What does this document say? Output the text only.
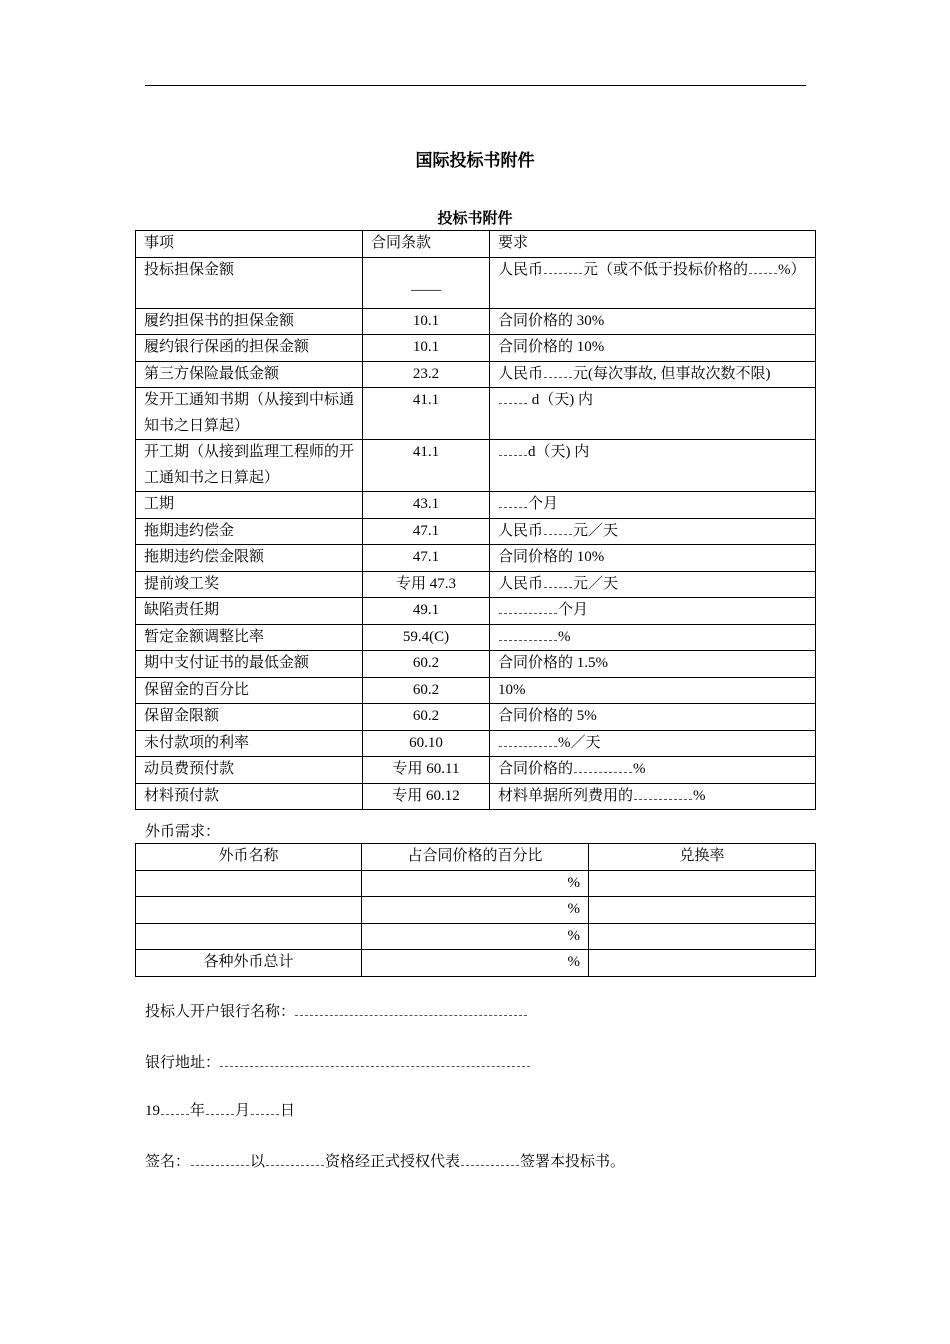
国际投标书附件
投标书附件
事项	合同条款	要求
投标担保金额	——	人民币 元（或不低于投标价格的 %）
履约担保书的担保金额	10.1	合同价格的 30%
履约银行保函的担保金额	10.1	合同价格的 10%
第三方保险最低金额	23.2	人民币 元(每次事故, 但事故次数不限)
发开工通知书期（从接到中标通知书之日算起）	41.1	d（天) 内
开工期（从接到监理工程师的开工通知书之日算起）	41.1	d（天) 内
工期	43.1	个月
拖期违约偿金	47.1	人民币 元／天
拖期违约偿金限额	47.1	合同价格的 10%
提前竣工奖	专用 47.3	人民币 元／天
缺陷责任期	49.1	个月
暂定金额调整比率	59.4(C)	%
期中支付证书的最低金额	60.2	合同价格的 1.5%
保留金的百分比	60.2	10%
保留金限额	60.2	合同价格的 5%
未付款项的利率	60.10	%／天
动员费预付款	专用 60.11	合同价格的 %
材料预付款	专用 60.12	材料单据所列费用的 %
外币需求：
外币名称	占合同价格的百分比	兑换率
	%	
	%	
	%	
各种外币总计	%	
投标人开户银行名称：
银行地址：
19 年 月 日
签名：	以	资格经正式授权代表	签署本投标书。
